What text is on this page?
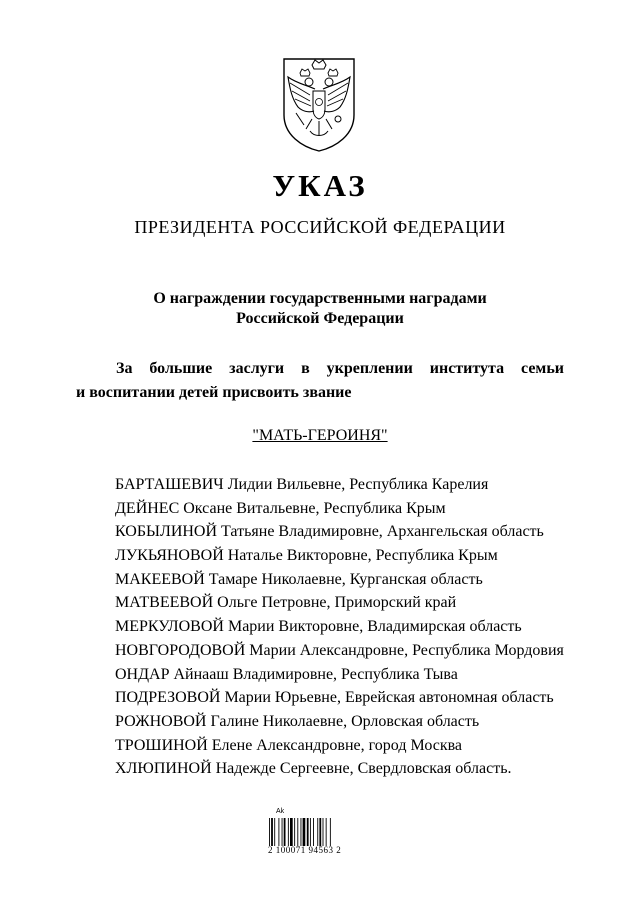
УКАЗ
ПРЕЗИДЕНТА РОССИЙСКОЙ ФЕДЕРАЦИИ
О награждении государственными наградами
Российской Федерации
За большие заслуги в укреплении института семьи
и воспитании детей присвоить звание
"МАТЬ-ГЕРОИНЯ"
БАРТАШЕВИЧ Лидии Вильевне, Республика Карелия
ДЕЙНЕС Оксане Витальевне, Республика Крым
КОБЫЛИНОЙ Татьяне Владимировне, Архангельская область
ЛУКЬЯНОВОЙ Наталье Викторовне, Республика Крым
МАКЕЕВОЙ Тамаре Николаевне, Курганская область
МАТВЕЕВОЙ Ольге Петровне, Приморский край
МЕРКУЛОВОЙ Марии Викторовне, Владимирская область
НОВГОРОДОВОЙ Марии Александровне, Республика Мордовия
ОНДАР Айнааш Владимировне, Республика Тыва
ПОДРЕЗОВОЙ Марии Юрьевне, Еврейская автономная область
РОЖНОВОЙ Галине Николаевне, Орловская область
ТРОШИНОЙ Елене Александровне, город Москва
ХЛЮПИНОЙ Надежде Сергеевне, Свердловская область.
Ak
2 100071 94563 2
